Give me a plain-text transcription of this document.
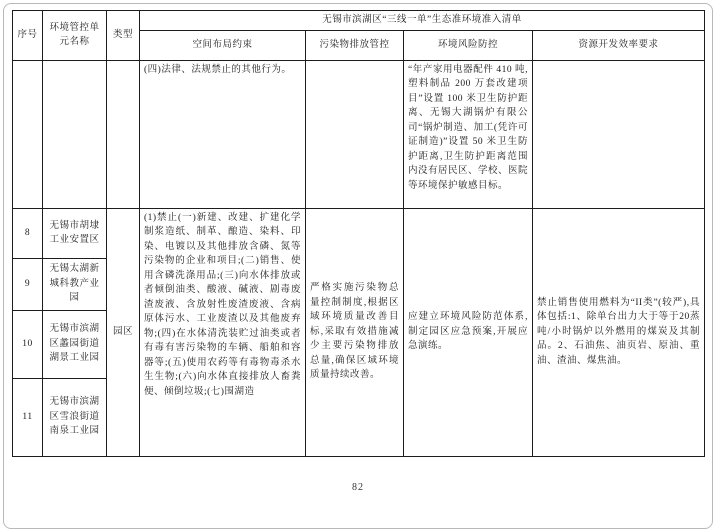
序号	环境管控单元名称	类型	无锡市滨湖区“三线一单”生态准环境准入清单			
			空间布局约束	污染物排放管控	环境风险防控	资源开发效率要求
			(四)法律、法规禁止的其他行为。		“年产家用电器配件 410 吨,塑料制品 200 万套改建项目”设置 100 米卫生防护距离、无锡大湖锅炉有限公司“锅炉制造、加工(凭许可证制造)”设置 50 米卫生防护距离,卫生防护距离范围内没有居民区、学校、医院等环境保护敏感目标。	
8	无锡市胡埭工业安置区	园区	(1)禁止(一)新建、改建、扩建化学制浆造纸、制革、酿造、染料、印染、电镀以及其他排放含磷、氮等污染物的企业和项目;(二)销售、使用含磷洗涤用品;(三)向水体排放或者倾倒油类、酸液、碱液、剧毒废渣废液、含放射性废渣废液、含病原体污水、工业废渣以及其他废弃物;(四)在水体清洗装贮过油类或者有毒有害污染物的车辆、船舶和容器等;(五)使用农药等有毒物毒杀水生生物;(六)向水体直接排放人畜粪便、倾倒垃圾;(七)围湖造	严格实施污染物总量控制制度,根据区域环境质量改善目标,采取有效措施减少主要污染物排放总量,确保区域环境质量持续改善。	应建立环境风险防范体系,制定园区应急预案,开展应急演练。	禁止销售使用燃料为“II类”(较严),具体包括:1、除单台出力大于等于20蒸吨/小时锅炉以外燃用的煤炭及其制品。2、石油焦、油页岩、原油、重油、渣油、煤焦油。
9	无锡太湖新城科教产业园					
10	无锡市滨湖区蠡园街道湖景工业园					
11	无锡市滨湖区雪浪街道南泉工业园					
82
